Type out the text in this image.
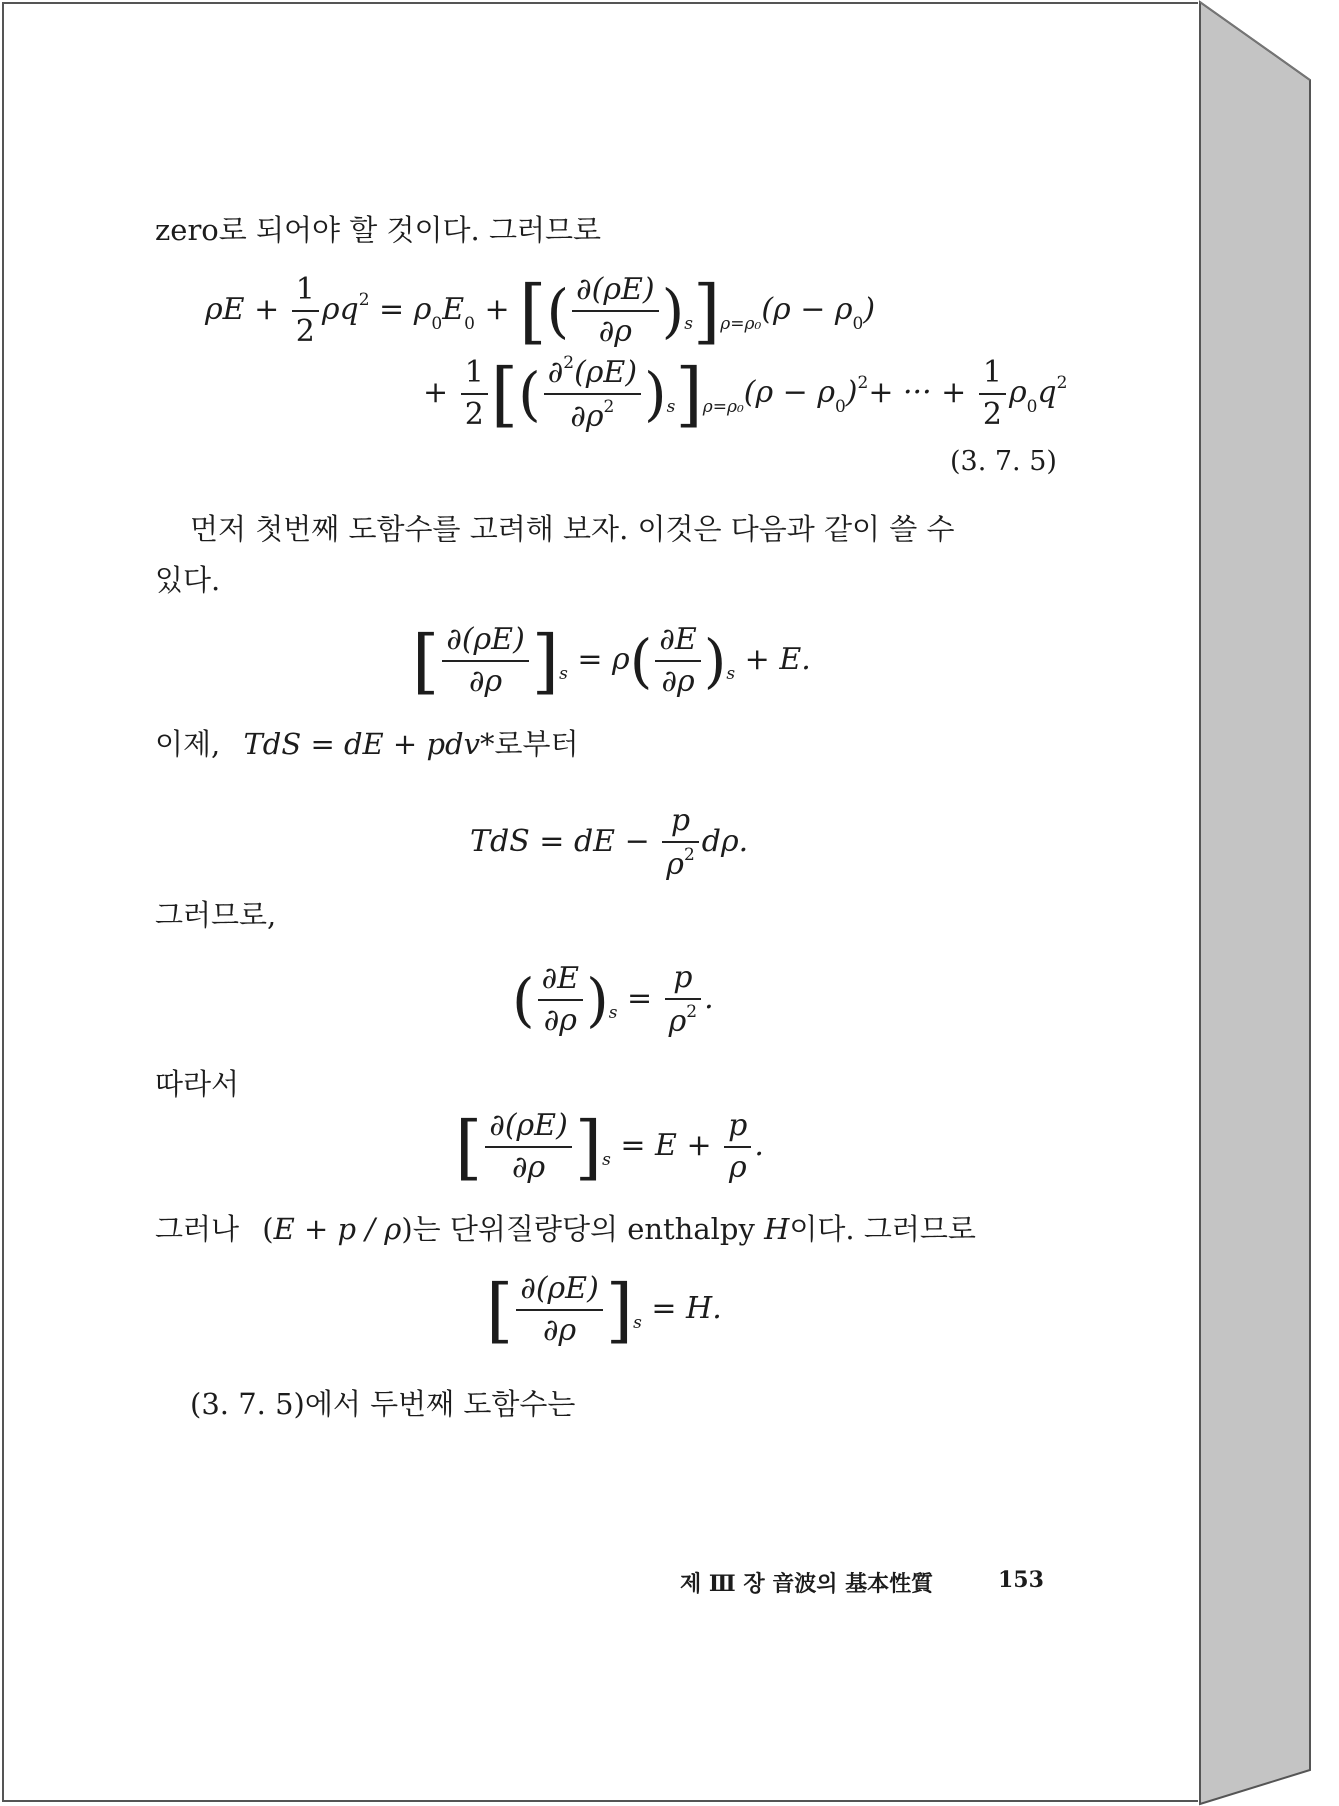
zero로 되어야 할 것이다. 그러므로
$\rho E + \frac{1}{2} \rho q^2 = \rho_0E_0$ + [( $\frac{\partial(\rho E)}{\partial\rho} )_s]_{\rho=\rho_0}(\rho - \rho_0)$
+ $\frac{1}{2}$ [( $\frac{\partial^2(\rho E)}{\partial\rho^2} )_s]_{\rho=\rho_0}(\rho - \rho_0)^2+$ ··· + $\frac{1}{2} \rho_0q^2$
(3. 7. 5)
먼저 첫번째 도함수를 고려해 보자. 이것은 다음과 같이 쓸 수
있다.
[ $\frac{\partial(\rho E)}{\partial\rho} ]_s = \rho( \frac{\partial E}{\partial\rho} )_s + E$.
이제, TdS = dE + pdv*로부터
TdS = dE − $\frac{p}{\rho^2} d\rho$.
그러므로,
( $\frac{\partial E}{\partial\rho} )_s = \frac{p}{\rho^2}$ .
따라서
[ $\frac{\partial(\rho E)}{\partial\rho} ]_s = E + \frac{p}{\rho}$ .
그러나 (E + p / ρ)는 단위질량당의 enthalpy H이다. 그러므로
[ $\frac{\partial(\rho E)}{\partial\rho} ]_s = H$.
(3. 7. 5)에서 두번째 도함수는
제 Ⅲ 장 音波의 基本性質	153
